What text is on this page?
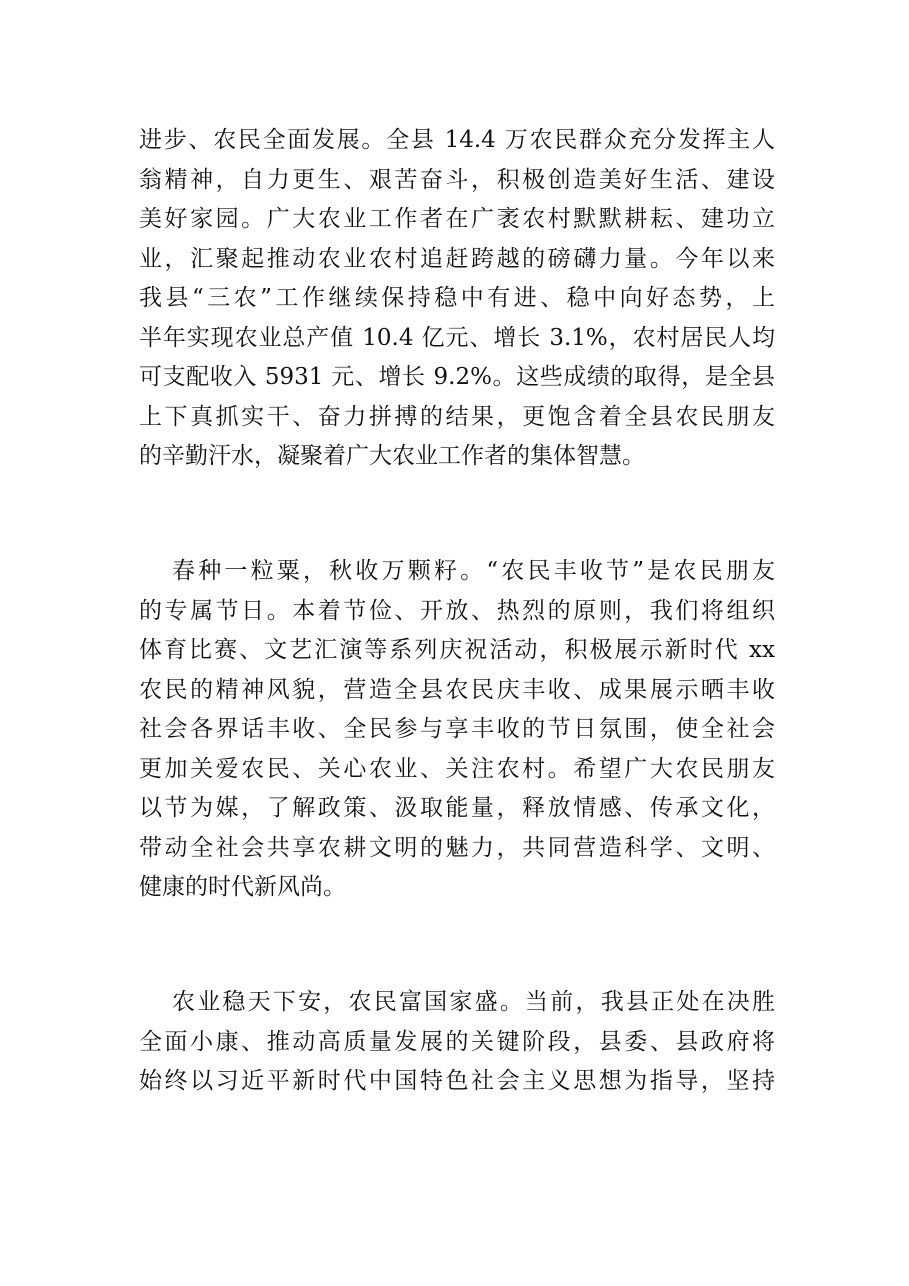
进步、农民全面发展。全县 14.4 万农民群众充分发挥主人
翁精神，自力更生、艰苦奋斗，积极创造美好生活、建设
美好家园。广大农业工作者在广袤农村默默耕耘、建功立
业，汇聚起推动农业农村追赶跨越的磅礴力量。今年以来
我县“三农”工作继续保持稳中有进、稳中向好态势，上
半年实现农业总产值 10.4 亿元、增长 3.1%，农村居民人均
可支配收入 5931 元、增长 9.2%。这些成绩的取得，是全县
上下真抓实干、奋力拼搏的结果，更饱含着全县农民朋友
的辛勤汗水，凝聚着广大农业工作者的集体智慧。
春种一粒粟，秋收万颗籽。“农民丰收节”是农民朋友
的专属节日。本着节俭、开放、热烈的原则，我们将组织
体育比赛、文艺汇演等系列庆祝活动，积极展示新时代 xx
农民的精神风貌，营造全县农民庆丰收、成果展示晒丰收
社会各界话丰收、全民参与享丰收的节日氛围，使全社会
更加关爱农民、关心农业、关注农村。希望广大农民朋友
以节为媒，了解政策、汲取能量，释放情感、传承文化，
带动全社会共享农耕文明的魅力，共同营造科学、文明、
健康的时代新风尚。
农业稳天下安，农民富国家盛。当前，我县正处在决胜
全面小康、推动高质量发展的关键阶段，县委、县政府将
始终以习近平新时代中国特色社会主义思想为指导，坚持
